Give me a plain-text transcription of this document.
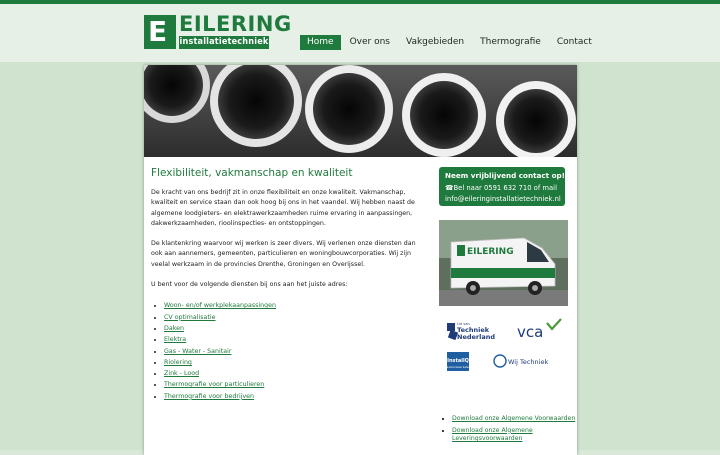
E EILERING
installatietechniek	Home	Over ons	Vakgebieden	Thermografie	Contact
Flexibiliteit, vakmanschap en kwaliteit

De kracht van ons bedrijf zit in onze flexibiliteit en onze kwaliteit. Vakmanschap, kwaliteit en service staan dan ook hoog bij ons in het vaandel. Wij hebben naast de algemene loodgieters- en elektrawerkzaamheden ruime ervaring in aanpassingen, dakwerkzaamheden, rioolinspecties- en ontstoppingen.

De klantenkring waarvoor wij werken is zeer divers. Wij verlenen onze diensten dan ook aan aannemers, gemeenten, particulieren en woningbouwcorporaties. Wij zijn veelal werkzaam in de provincies Drenthe, Groningen en Overijssel.

U bent voor de volgende diensten bij ons aan het juiste adres:

• Woon- en/of werkplekaanpassingen
• CV optimalisatie
• Daken
• Elektra
• Gas - Water - Sanitair
• Riolering
• Zink - Lood
• Thermografie voor particulieren
• Thermografie voor bedrijven
Neem vrijblijvend contact op!
☎Bel naar 0591 632 710 of mail
info@eileringinstallatietechniek.nl
EILERING
Lid van
Techniek
Nederland vca
InstallQ
aantoonbaar beter
Wij Techniek
• Download onze Algemene Voorwaarden
• Download onze Algemene Leveringsvoorwaarden
